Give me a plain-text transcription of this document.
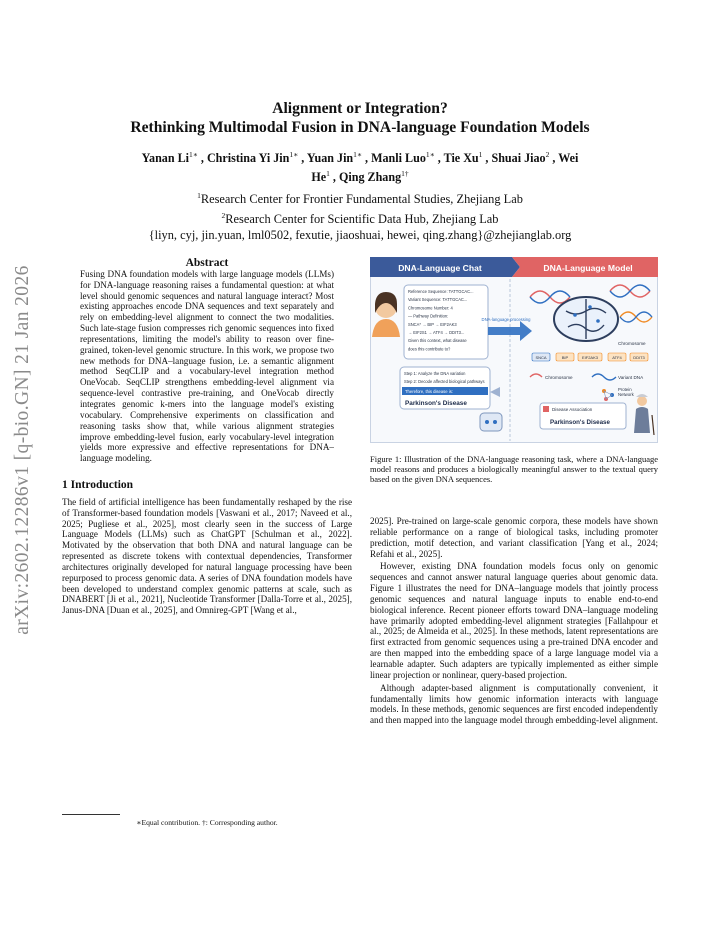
arXiv:2602.12286v1 [q-bio.GN] 21 Jan 2026
Alignment or Integration?
Rethinking Multimodal Fusion in DNA-language Foundation Models
Yanan $Li^{1∗}$ , Christina Yi Jin$^{1∗}$ , Yuan Jin$^{1∗}$ , Manli Luo$^{1∗}$ , Tie Xu$^1$ , Shuai Jiao$^2$ , Wei
He$^1$ , Qing Zhang$^{1\dagger}$
$^1$Research Center for Frontier Fundamental Studies, Zhejiang Lab
$^2$Research Center for Scientific Data Hub, Zhejiang Lab
{liyn, cyj, jin.yuan, lml0502, fexutie, jiaoshuai, hewei, qing.zhang}@zhejianglab.org

Abstract

Fusing DNA foundation models with large language models (LLMs) for DNA-language reasoning raises a fundamental question: at what level should genomic sequences and natural language interact? Most existing approaches encode DNA sequences and text separately and rely on embedding-level alignment to connect the two modalities. Such late-stage fusion compresses rich genomic sequences into fixed representations, limiting the model's ability to reason over fine-grained, token-level genomic structure. In this work, we propose two new methods for DNA–language fusion, i.e. a semantic alignment method SeqCLIP and a vocabulary-level integration method OneVocab. SeqCLIP strengthens embedding-level alignment via sequence-level contrastive pre-training, and OneVocab directly integrates genomic k-mers into the language model's existing vocabulary. Comprehensive experiments on classification and reasoning tasks show that, while various alignment strategies improve embedding-level fusion, early vocabulary-level integration yields more expressive and effective representations for DNA–language modeling.

1 Introduction

The field of artificial intelligence has been fundamentally reshaped by the rise of Transformer-based foundation models [Vaswani et al., 2017; Naveed et al., 2025; Pugliese et al., 2025], most clearly seen in the success of Large Language Models (LLMs) such as ChatGPT [Schulman et al., 2022]. Motivated by the observation that both DNA and natural language can be represented as discrete tokens with contextual dependencies, Transformer architectures originally developed for natural language processing have been repurposed to process genomic data. A series of DNA foundation models have been developed to understand complex genomic patterns at scale, such as DNABERT [Ji et al., 2021], Nucleotide Transformer [Dalla-Torre et al., 2025], Janus-DNA [Duan et al., 2025], and Omnireg-GPT [Wang et al.,

∗Equal contribution. †: Corresponding author.
DNA-Language Chat	DNA-Language Model
Reference Sequence: TATTGCAC...
Variant Sequence: TATTGCAC...
Chromosome Number: 4
— Pathway Definition:
SNCA* → BIP → EIF2AK3
→ EIF2S1 → ATF4 → DDIT3...
Given this context, what disease
does this contribute to?
DNA-language processing
Step 1: Analyze the DNA variation
Step 2: Decode affected biological pathways
Therefore, this disease is:
Parkinson's Disease
Chromosome
SNCA	BIP	EIF2AK3	ATF4	DDIT3
Chromosome	Variant DNA
Protein Network
Disease Association
Parkinson's Disease
Figure 1: Illustration of the DNA-language reasoning task, where a DNA-language model reasons and produces a biologically meaningful answer to the textual query based on the given DNA sequences.

2025]. Pre-trained on large-scale genomic corpora, these models have shown reliable performance on a range of biological tasks, including promoter prediction, motif detection, and variant classification [Yang et al., 2024; Refahi et al., 2025].

However, existing DNA foundation models focus only on genomic sequences and cannot answer natural language queries about genomic data. Figure 1 illustrates the need for DNA–language models that jointly process genomic sequences and natural language inputs to enable end-to-end biological inference. Recent pioneer efforts toward DNA–language modeling have primarily adopted embedding-level alignment strategies [Fallahpour et al., 2025; de Almeida et al., 2025]. In these methods, latent representations are first extracted from genomic sequences using a pre-trained DNA encoder and are then mapped into the embedding space of a large language model via a learnable adapter. Such adapters are typically implemented as either simple linear projection or nonlinear, query-based projection.

Although adapter-based alignment is computationally convenient, it fundamentally limits how genomic information interacts with language models. In these methods, genomic sequences are first encoded independently and then mapped into the language model through embedding-level alignment.
